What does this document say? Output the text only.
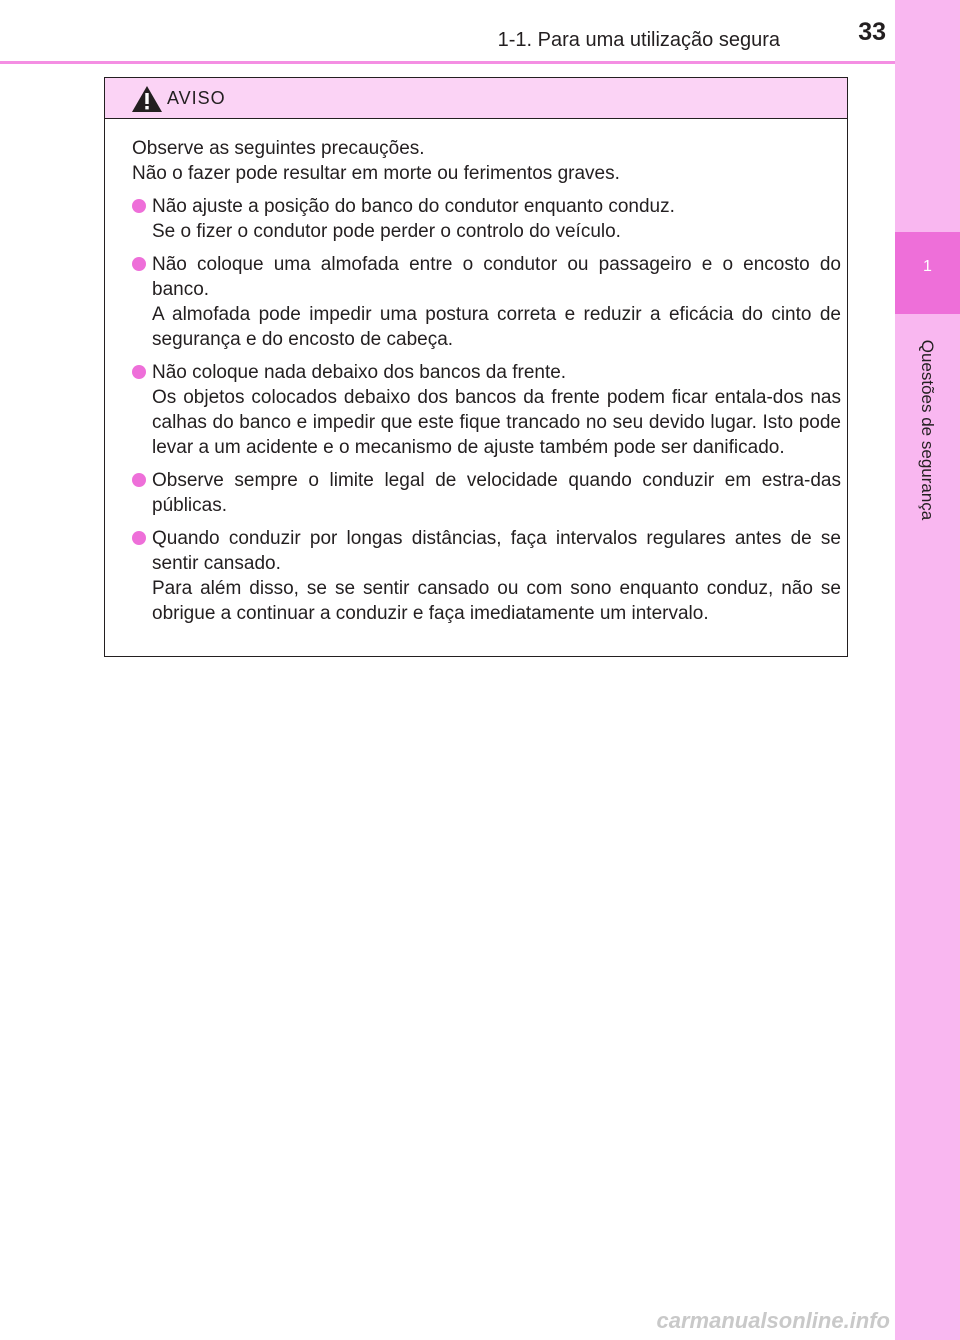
1
Questões de segurança
1-1. Para uma utilização segura	33
AVISO

Observe as seguintes precauções.

Não o fazer pode resultar em morte ou ferimentos graves.

Não ajuste a posição do banco do condutor enquanto conduz.

Se o fizer o condutor pode perder o controlo do veículo.

Não coloque uma almofada entre o condutor ou passageiro e o encosto do banco.

A almofada pode impedir uma postura correta e reduzir a eficácia do cinto de segurança e do encosto de cabeça.

Não coloque nada debaixo dos bancos da frente.

Os objetos colocados debaixo dos bancos da frente podem ficar entala-dos nas calhas do banco e impedir que este fique trancado no seu devido lugar. Isto pode levar a um acidente e o mecanismo de ajuste também pode ser danificado.

Observe sempre o limite legal de velocidade quando conduzir em estra-das públicas.

Quando conduzir por longas distâncias, faça intervalos regulares antes de se sentir cansado.

Para além disso, se se sentir cansado ou com sono enquanto conduz, não se obrigue a continuar a conduzir e faça imediatamente um intervalo.

carmanualsonline.info
